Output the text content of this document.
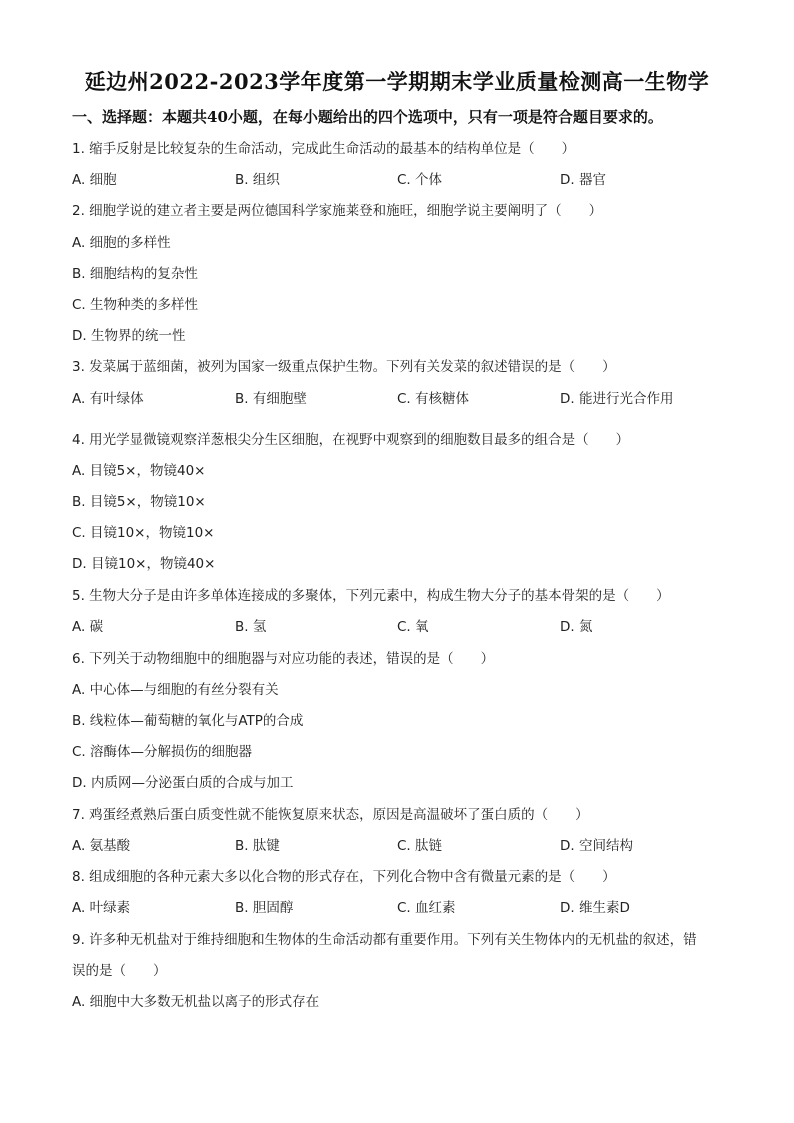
延边州2022-2023学年度第一学期期末学业质量检测高一生物学
一、选择题：本题共40小题，在每小题给出的四个选项中，只有一项是符合题目要求的。
1. 缩手反射是比较复杂的生命活动，完成此生命活动的最基本的结构单位是（　　）
A. 细胞	B. 组织	C. 个体	D. 器官
2. 细胞学说的建立者主要是两位德国科学家施莱登和施旺，细胞学说主要阐明了（　　）
A. 细胞的多样性
B. 细胞结构的复杂性
C. 生物种类的多样性
D. 生物界的统一性
3. 发菜属于蓝细菌，被列为国家一级重点保护生物。下列有关发菜的叙述错误的是（　　）
A. 有叶绿体	B. 有细胞壁	C. 有核糖体	D. 能进行光合作用
4. 用光学显微镜观察洋葱根尖分生区细胞，在视野中观察到的细胞数目最多的组合是（　　）
A. 目镜5×，物镜40×
B. 目镜5×，物镜10×
C. 目镜10×，物镜10×
D. 目镜10×，物镜40×
5. 生物大分子是由许多单体连接成的多聚体，下列元素中，构成生物大分子的基本骨架的是（　　）
A. 碳	B. 氢	C. 氧	D. 氮
6. 下列关于动物细胞中的细胞器与对应功能的表述，错误的是（　　）
A. 中心体—与细胞的有丝分裂有关
B. 线粒体—葡萄糖的氧化与ATP的合成
C. 溶酶体—分解损伤的细胞器
D. 内质网—分泌蛋白质的合成与加工
7. 鸡蛋经煮熟后蛋白质变性就不能恢复原来状态，原因是高温破坏了蛋白质的（　　）
A. 氨基酸	B. 肽键	C. 肽链	D. 空间结构
8. 组成细胞的各种元素大多以化合物的形式存在，下列化合物中含有微量元素的是（　　）
A. 叶绿素	B. 胆固醇	C. 血红素	D. 维生素D
9. 许多种无机盐对于维持细胞和生物体的生命活动都有重要作用。下列有关生物体内的无机盐的叙述，错
误的是（　　）
A. 细胞中大多数无机盐以离子的形式存在
